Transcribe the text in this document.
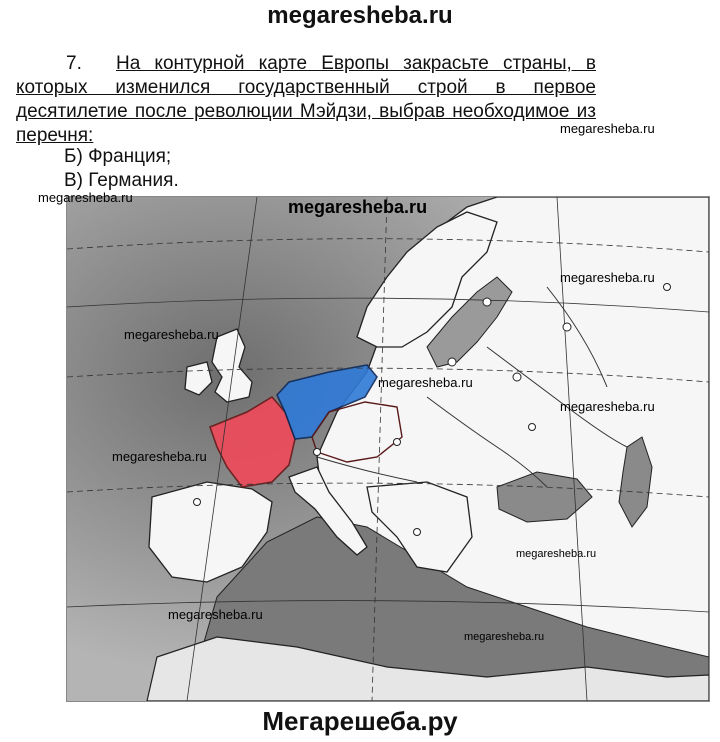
megaresheba.ru
7. На контурной карте Европы закрасьте страны, в которых изменился государственный строй в первое десятилетие после революции Мэйдзи, выбрав необходимое из перечня:
Б) Франция;
В) Германия.
megaresheba.ru
megaresheba.ru	megaresheba.ru
megaresheba.ru
megaresheba.ru
megaresheba.ru
megaresheba.ru
megaresheba.ru
megaresheba.ru
megaresheba.ru
megaresheba.ru
Мегарешеба.ру
